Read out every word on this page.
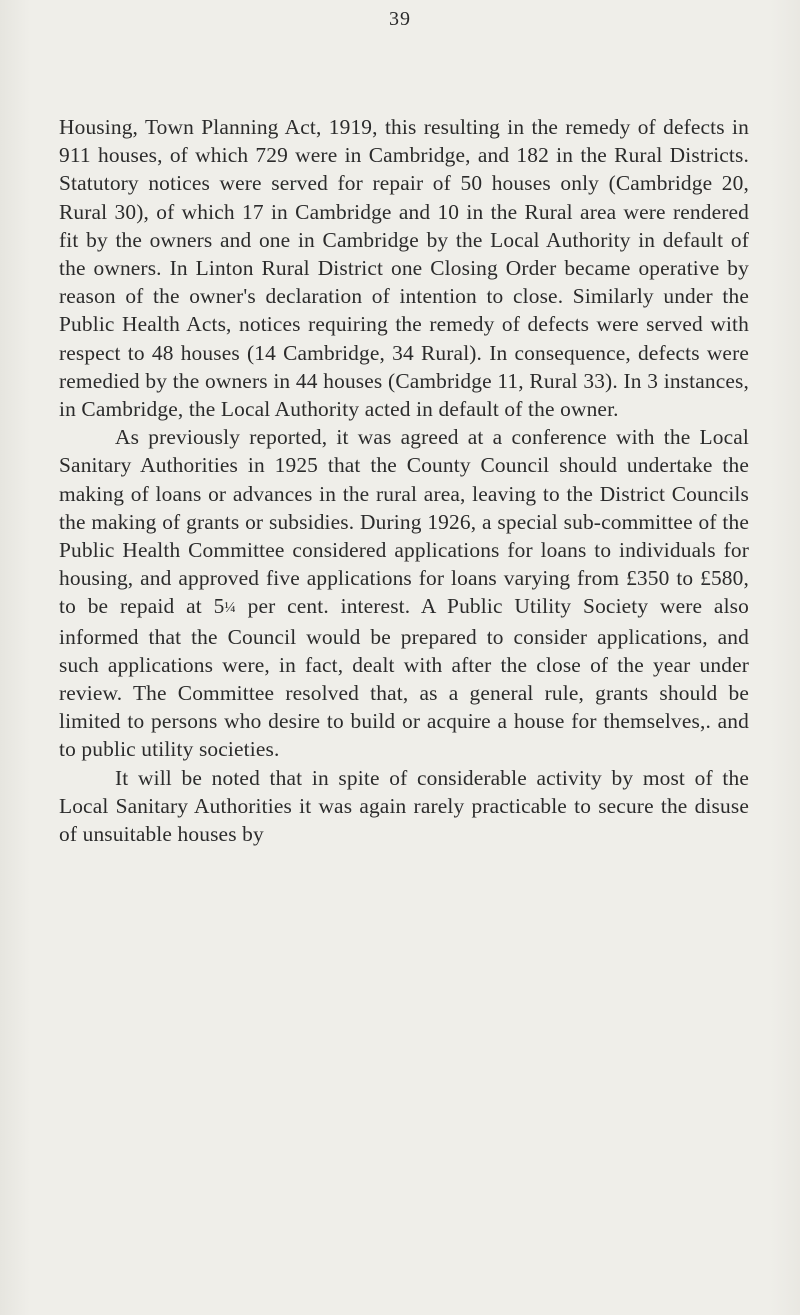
39

Housing, Town Planning Act, 1919, this resulting in the remedy of defects in 911 houses, of which 729 were in Cambridge, and 182 in the Rural Districts. Statutory notices were served for repair of 50 houses only (Cambridge 20, Rural 30), of which 17 in Cambridge and 10 in the Rural area were rendered fit by the owners and one in Cambridge by the Local Authority in default of the owners. In Linton Rural District one Closing Order became operative by reason of the owner's declaration of intention to close. Similarly under the Public Health Acts, notices requiring the remedy of defects were served with respect to 48 houses (14 Cambridge, 34 Rural). In consequence, defects were remedied by the owners in 44 houses (Cambridge 11, Rural 33). In 3 instances, in Cambridge, the Local Authority acted in default of the owner.

As previously reported, it was agreed at a conference with the Local Sanitary Authorities in 1925 that the County Council should undertake the making of loans or advances in the rural area, leaving to the District Councils the making of grants or subsidies. During 1926, a special sub-committee of the Public Health Committee considered applications for loans to individuals for housing, and approved five applications for loans varying from £350 to £580, to be repaid at 5¼ per cent. interest. A Public Utility Society were also informed that the Council would be prepared to consider applications, and such applications were, in fact, dealt with after the close of the year under review. The Committee resolved that, as a general rule, grants should be limited to persons who desire to build or acquire a house for themselves,. and to public utility societies.

It will be noted that in spite of considerable activity by most of the Local Sanitary Authorities it was again rarely practicable to secure the disuse of unsuitable houses by
